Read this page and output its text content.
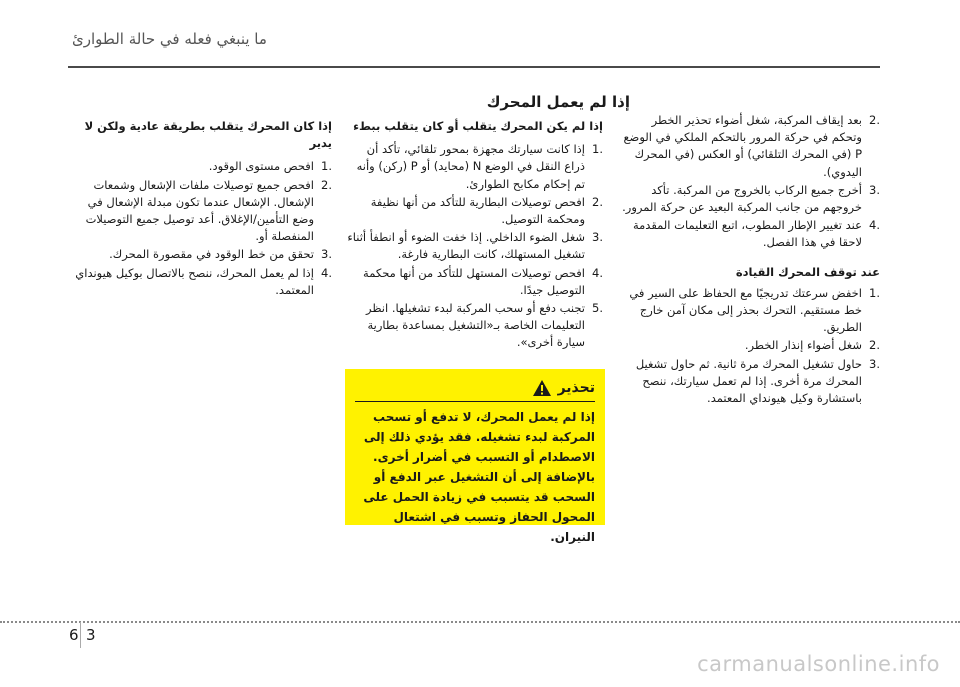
ما ينبغي فعله في حالة الطوارئ
إذا لم يعمل المحرك
.2
بعد إيقاف المركبة، شغل أضواء تحذير الخطر وتحكم في حركة المرور بالتحكم الملكي في الوضع P (في المحرك التلقائي) أو العكس (في المحرك اليدوي).
.3
أخرج جميع الركاب بالخروج من المركبة. تأكد خروجهم من جانب المركبة البعيد عن حركة المرور.
.4
عند تغيير الإطار المطوب، اتبع التعليمات المقدمة لاحقا في هذا الفصل.
عند توقف المحرك القيادة
.1
اخفض سرعتك تدريجيًا مع الحفاظ على السير في خط مستقيم. التحرك بحذر إلى مكان آمن خارج الطريق.
.2
شغل أضواء إنذار الخطر.
.3
حاول تشغيل المحرك مرة ثانية. ثم حاول تشغيل المحرك مرة أخرى. إذا لم تعمل سيارتك، ننصح باستشارة وكيل هيونداي المعتمد.
إذا لم يكن المحرك يتقلب أو كان يتقلب ببطء
.1
إذا كانت سيارتك مجهزة بمحور تلقائي، تأكد أن ذراع النقل في الوضع N (محايد) أو P (ركن) وأنه تم إحكام مكابح الطوارئ.
.2
افحص توصيلات البطارية للتأكد من أنها نظيفة ومحكمة التوصيل.
.3
شغل الضوء الداخلي. إذا خفت الضوء أو انطفأ أثناء تشغيل المستهلك، كانت البطارية فارغة.
.4
افحص توصيلات المستهل للتأكد من أنها محكمة التوصيل جيدًا.
.5
تجنب دفع أو سحب المركبة لبدء تشغيلها. انظر التعليمات الخاصة بـ«التشغيل بمساعدة بطارية سيارة أخرى».
تحذير
إذا لم يعمل المحرك، لا تدفع أو تسحب المركبة لبدء تشغيله. فقد يؤدي ذلك إلى الاصطدام أو التسبب في أضرار أخرى. بالإضافة إلى أن التشغيل عبر الدفع أو السحب قد يتسبب في زيادة الحمل على المحول الحفاز وتسبب في اشتعال النيران.
إذا كان المحرك يتقلب بطريقة عادية ولكن لا يدير
.1
افحص مستوى الوقود.
.2
افحص جميع توصيلات ملفات الإشعال وشمعات الإشعال. الإشعال عندما تكون مبدلة الإشعال في وضع التأمين/الإغلاق. أعد توصيل جميع التوصيلات المنفصلة أو.
.3
تحقق من خط الوقود في مقصورة المحرك.
.4
إذا لم يعمل المحرك، ننصح بالاتصال بوكيل هيونداي المعتمد.
6 3
carmanualsonline.info
